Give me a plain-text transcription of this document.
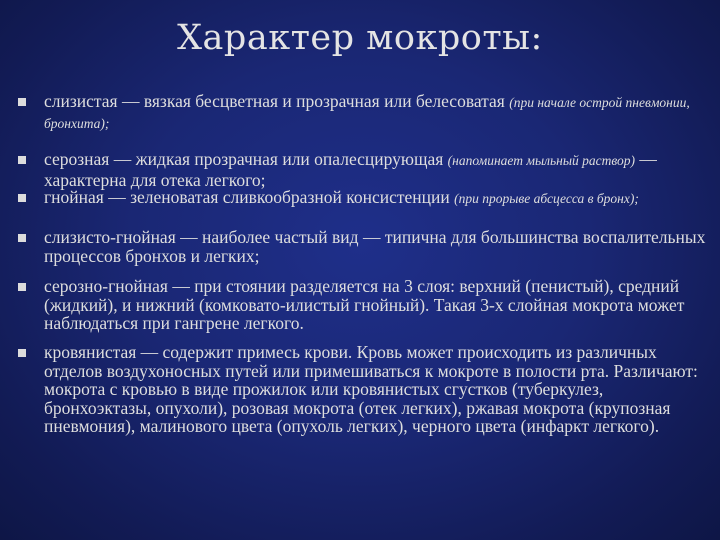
Характер мокроты:
слизистая — вязкая бесцветная и прозрачная или белесоватая (при начале острой пневмонии, бронхита);
серозная — жидкая прозрачная или опалесцирующая (напоминает мыльный раствор) — характерна для отека легкого;
гнойная — зеленоватая сливкообразной консистенции (при прорыве абсцесса в бронх);
слизисто-гнойная — наиболее частый вид — типична для большинства воспалительных процессов бронхов и легких;
серозно-гнойная — при стоянии разделяется на 3 слоя: верхний (пенистый), средний (жидкий), и нижний (комковато-илистый гнойный). Такая 3-х слойная мокрота может наблюдаться при гангрене легкого.
кровянистая — содержит примесь крови. Кровь может происходить из различных отделов воздухоносных путей или примешиваться к мокроте в полости рта. Различают: мокрота с кровью в виде прожилок или кровянистых сгустков (туберкулез, бронхоэктазы, опухоли), розовая мокрота (отек легких), ржавая мокрота (крупозная пневмония), малинового цвета (опухоль легких), черного цвета (инфаркт легкого).
